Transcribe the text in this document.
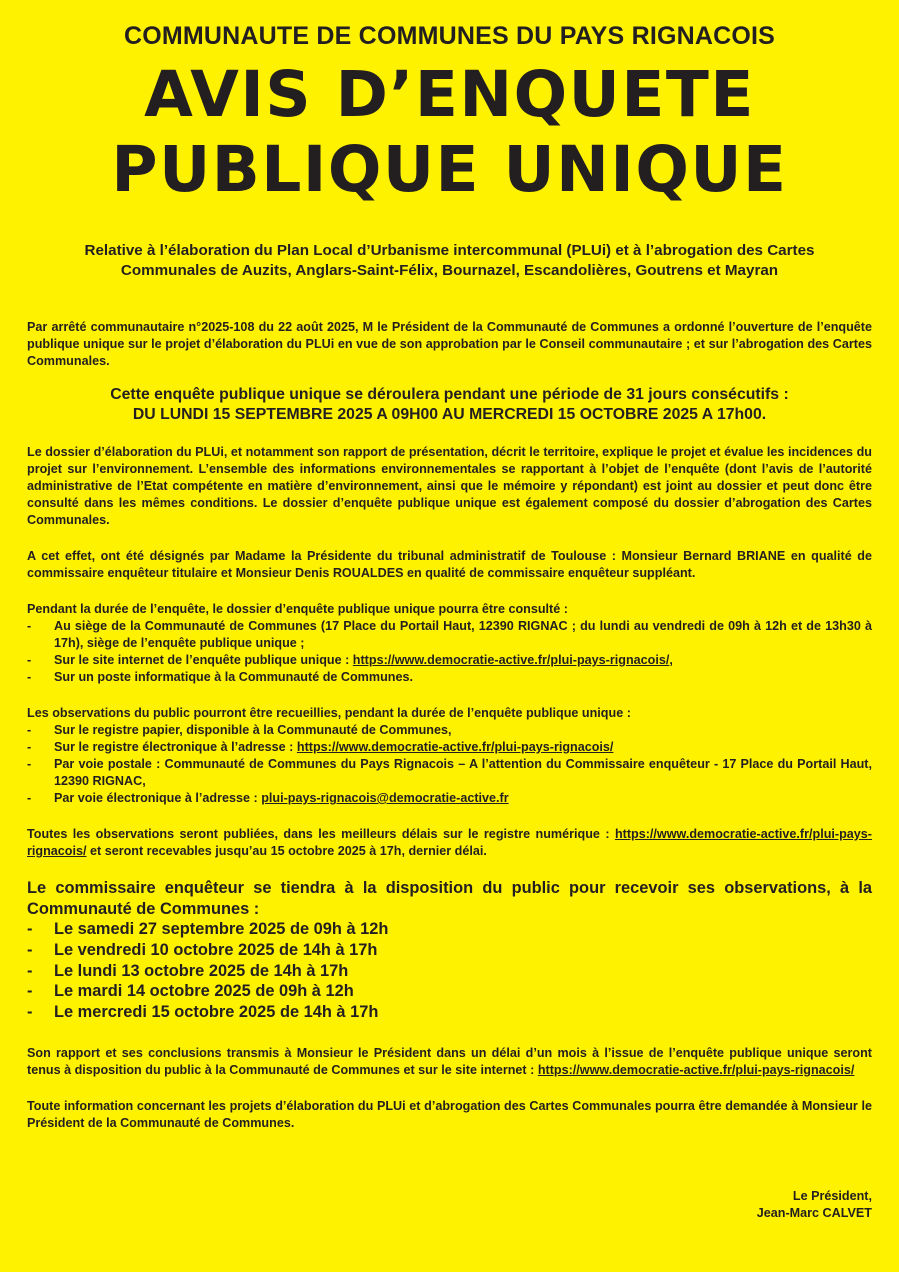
COMMUNAUTE DE COMMUNES DU PAYS RIGNACOIS

AVIS D’ENQUETE
PUBLIQUE UNIQUE
Relative à l’élaboration du Plan Local d’Urbanisme intercommunal (PLUi) et à l’abrogation des Cartes
Communales de Auzits, Anglars-Saint-Félix, Bournazel, Escandolières, Goutrens et Mayran

Par arrêté communautaire n°2025-108 du 22 août 2025, M le Président de la Communauté de Communes a ordonné l’ouverture de l’enquête publique unique sur le projet d’élaboration du PLUi en vue de son approbation par le Conseil communautaire ; et sur l’abrogation des Cartes Communales.

Cette enquête publique unique se déroulera pendant une période de 31 jours consécutifs :
DU LUNDI 15 SEPTEMBRE 2025 A 09H00 AU MERCREDI 15 OCTOBRE 2025 A 17h00.

Le dossier d’élaboration du PLUi, et notamment son rapport de présentation, décrit le territoire, explique le projet et évalue les incidences du projet sur l’environnement. L’ensemble des informations environnementales se rapportant à l’objet de l’enquête (dont l’avis de l’autorité administrative de l’Etat compétente en matière d’environnement, ainsi que le mémoire y répondant) est joint au dossier et peut donc être consulté dans les mêmes conditions. Le dossier d’enquête publique unique est également composé du dossier d’abrogation des Cartes Communales.

A cet effet, ont été désignés par Madame la Présidente du tribunal administratif de Toulouse : Monsieur Bernard BRIANE en qualité de commissaire enquêteur titulaire et Monsieur Denis ROUALDES en qualité de commissaire enquêteur suppléant.

Pendant la durée de l’enquête, le dossier d’enquête publique unique pourra être consulté :

-	Au siège de la Communauté de Communes (17 Place du Portail Haut, 12390 RIGNAC ; du lundi au vendredi de 09h à 12h et de 13h30 à 17h), siège de l’enquête publique unique ;
-	Sur le site internet de l’enquête publique unique : https://www.democratie-active.fr/plui-pays-rignacois/,
-	Sur un poste informatique à la Communauté de Communes.

Les observations du public pourront être recueillies, pendant la durée de l’enquête publique unique :

-	Sur le registre papier, disponible à la Communauté de Communes,
-	Sur le registre électronique à l’adresse : https://www.democratie-active.fr/plui-pays-rignacois/
-	Par voie postale : Communauté de Communes du Pays Rignacois – A l’attention du Commissaire enquêteur - 17 Place du Portail Haut, 12390 RIGNAC,
-	Par voie électronique à l’adresse : plui-pays-rignacois@democratie-active.fr

Toutes les observations seront publiées, dans les meilleurs délais sur le registre numérique : https://www.democratie-active.fr/plui-pays-rignacois/ et seront recevables jusqu’au 15 octobre 2025 à 17h, dernier délai.

Le commissaire enquêteur se tiendra à la disposition du public pour recevoir ses observations, à la Communauté de Communes :

-	Le samedi 27 septembre 2025 de 09h à 12h
-	Le vendredi 10 octobre 2025 de 14h à 17h
-	Le lundi 13 octobre 2025 de 14h à 17h
-	Le mardi 14 octobre 2025 de 09h à 12h
-	Le mercredi 15 octobre 2025 de 14h à 17h

Son rapport et ses conclusions transmis à Monsieur le Président dans un délai d’un mois à l’issue de l’enquête publique unique seront tenus à disposition du public à la Communauté de Communes et sur le site internet : https://www.democratie-active.fr/plui-pays-rignacois/

Toute information concernant les projets d’élaboration du PLUi et d’abrogation des Cartes Communales pourra être demandée à Monsieur le Président de la Communauté de Communes.

Le Président,
Jean-Marc CALVET
